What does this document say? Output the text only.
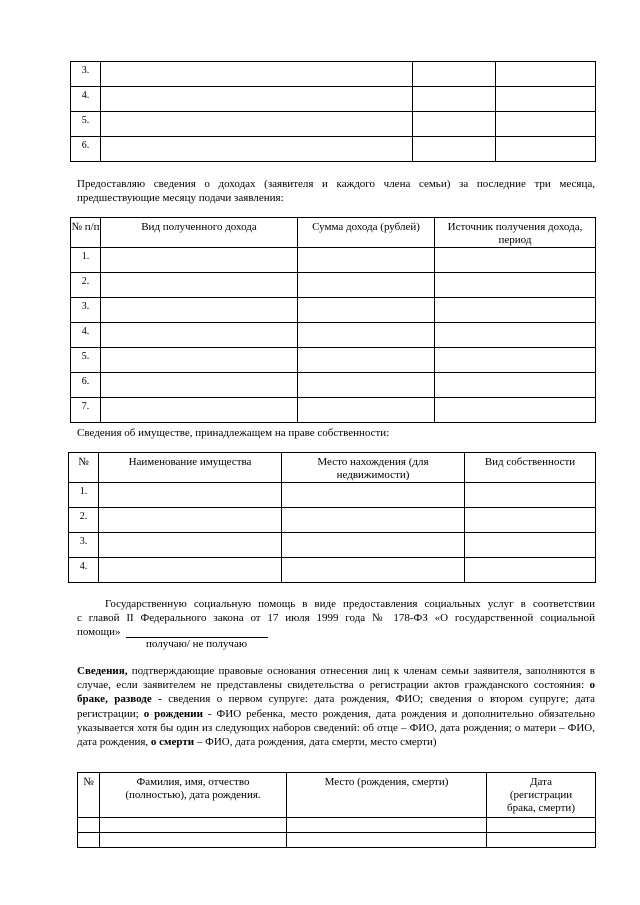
3.			
4.			
5.			
6.			
Предоставляю сведения о доходах (заявителя и каждого члена семьи) за последние три месяца,
предшествующие месяцу подачи заявления:
№ п/п	Вид полученного дохода	Сумма дохода (рублей)	Источник получения дохода, период
1.			
2.			
3.			
4.			
5.			
6.			
7.			
Сведения об имуществе, принадлежащем на праве собственности:
№	Наименование имущества	Место нахождения (для недвижимости)	Вид собственности
1.			
2.			
3.			
4.			
Государственную социальную помощь в виде предоставления социальных услуг в соответствии
с главой II Федерального закона от 17 июля 1999 года № 178-ФЗ «О государственной социальной
помощи»
получаю/ не получаю
Сведения, подтверждающие правовые основания отнесения лиц к членам семьи заявителя, заполняются в случае, если заявителем не представлены свидетельства о регистрации актов гражданского состояния: о браке, разводе - сведения о первом супруге: дата рождения, ФИО; сведения о втором супруге; дата регистрации; о рождении - ФИО ребенка, место рождения, дата рождения и дополнительно обязательно указывается хотя бы один из следующих наборов сведений: об отце – ФИО, дата рождения; о матери – ФИО, дата рождения, о смерти – ФИО, дата рождения, дата смерти, место смерти)
№	Фамилия, имя, отчество (полностью), дата рождения.	Место (рождения, смерти)	Дата (регистрации брака, смерти)
